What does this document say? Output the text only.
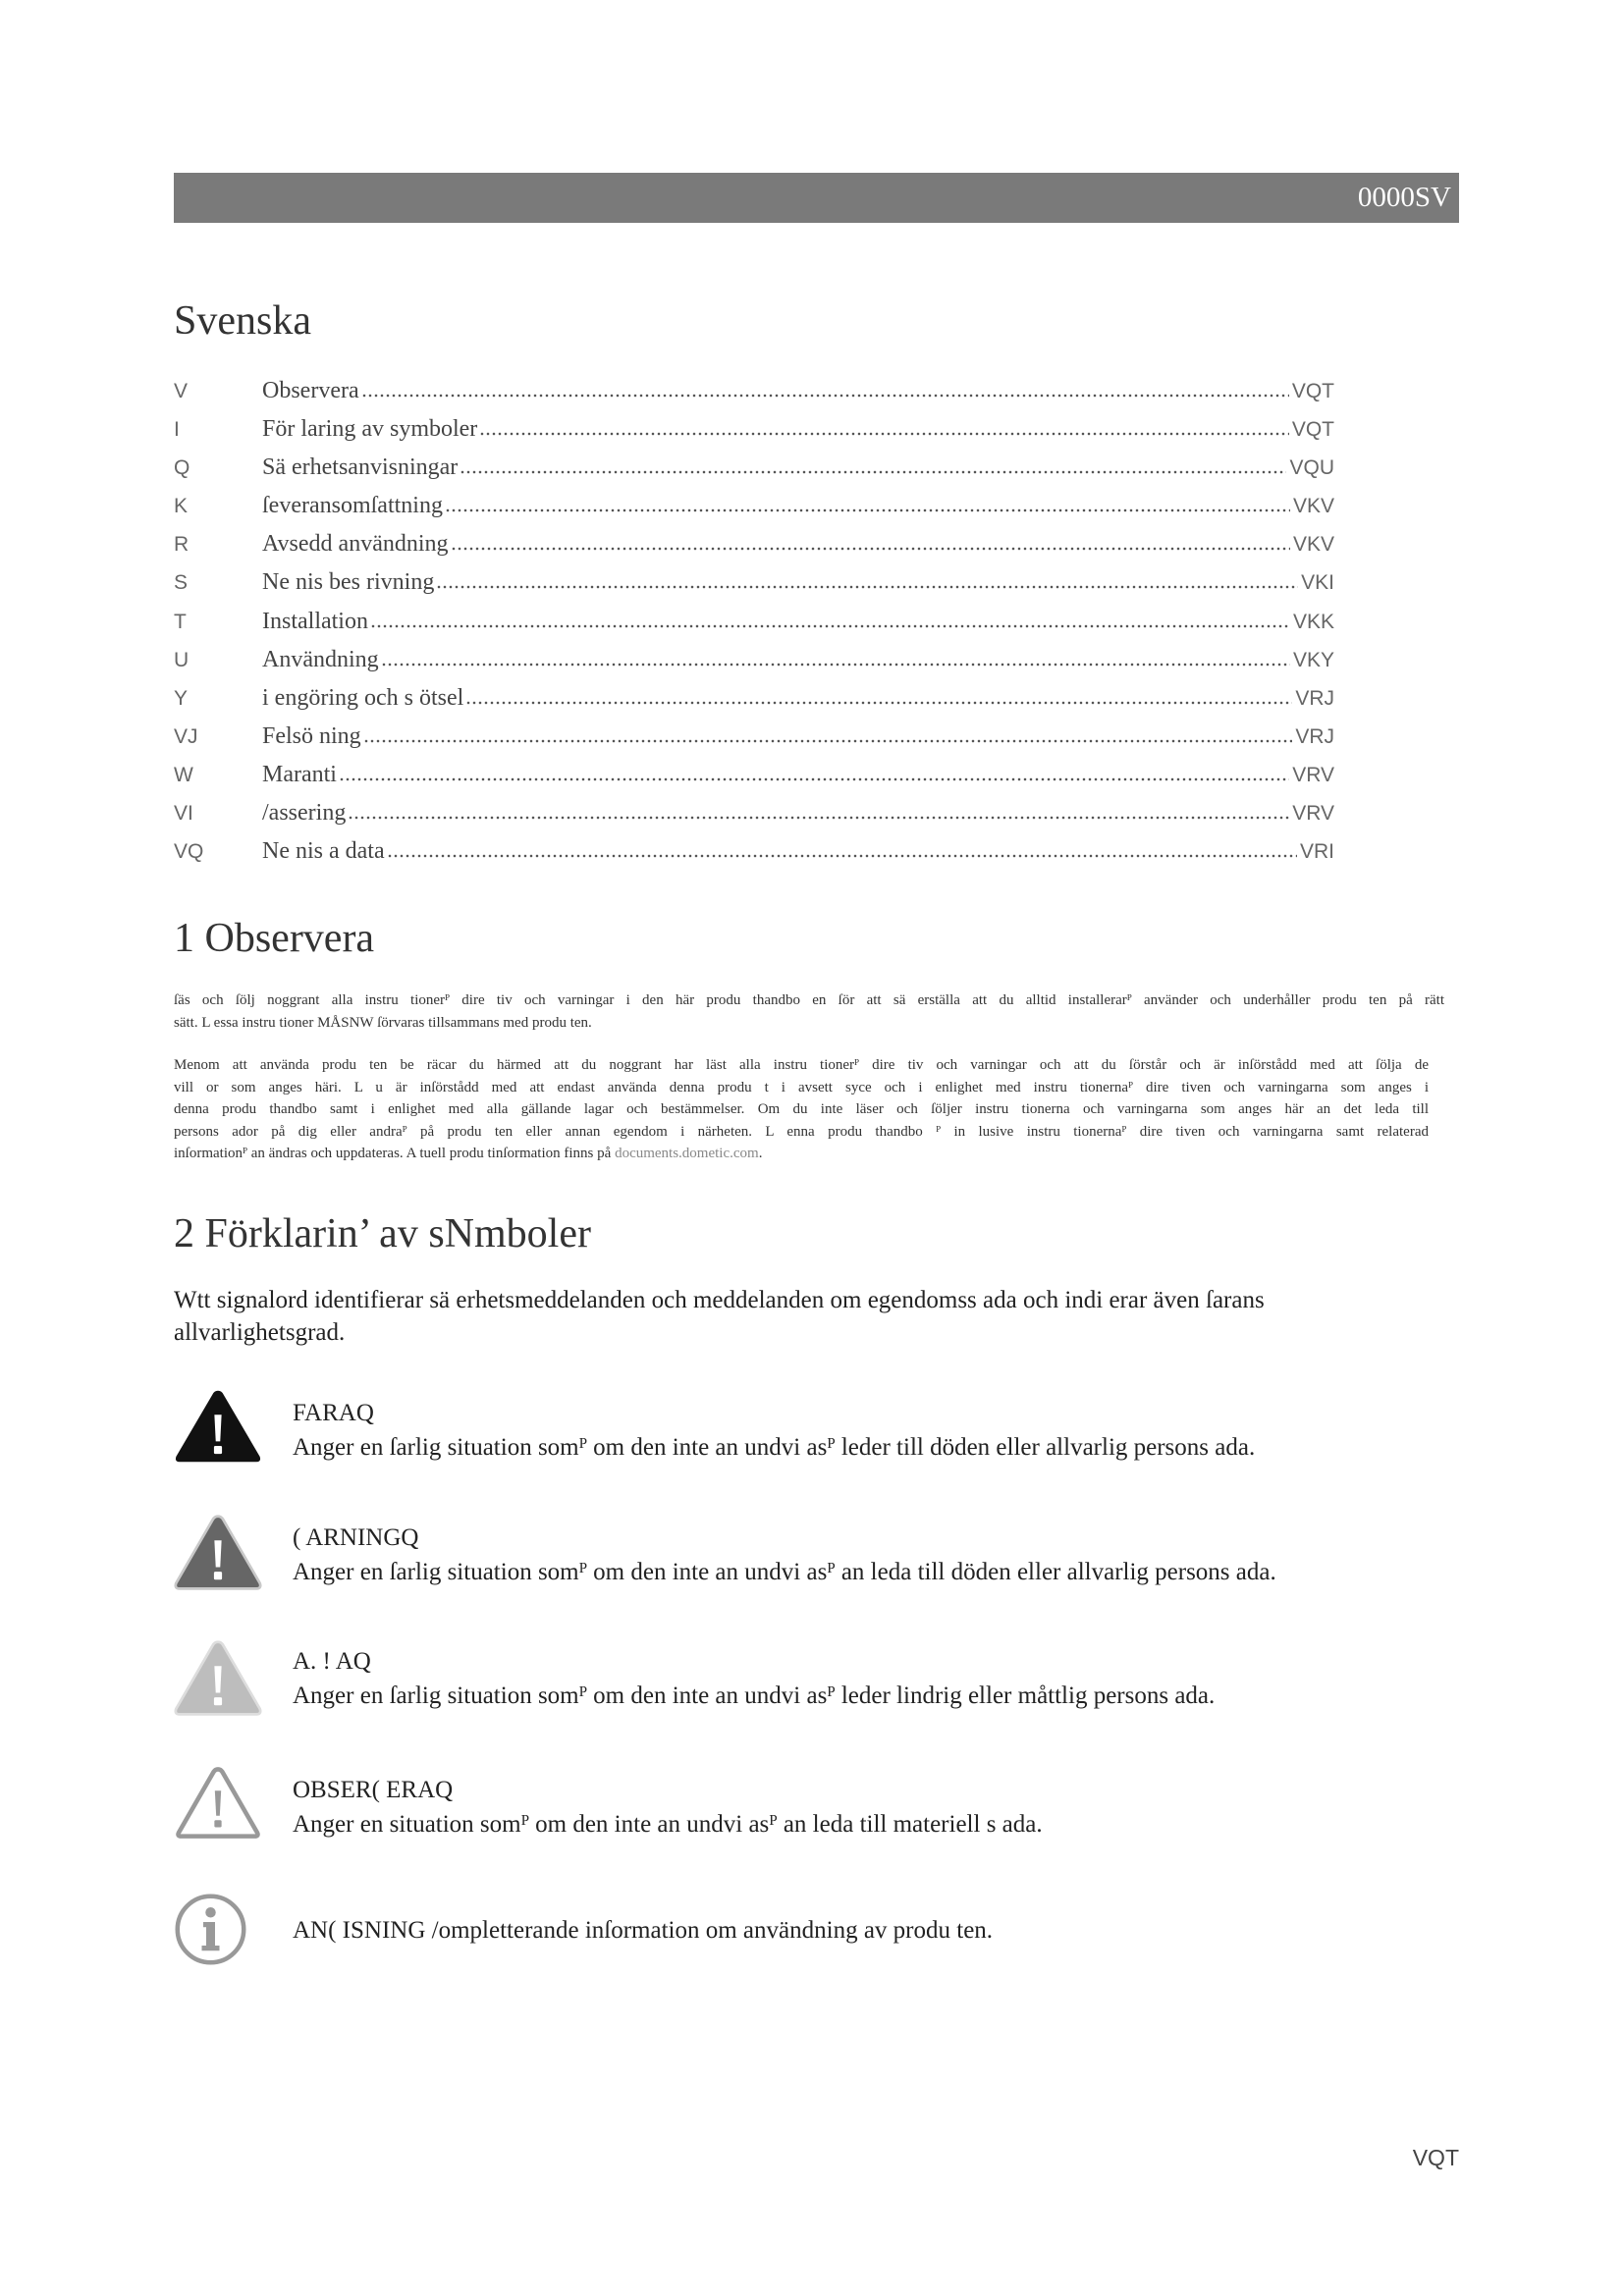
0000SV
Svenska
V	Observera	VQT
I	För laring av symboler	VQT
Q	Sä erhetsanvisningar	VQU
K	ſeveransomſattning	VKV
R	Avsedd användning	VKV
S	Ne nis bes rivning	VKI
T	Installation	VKK
U	Användning	VKY
Y	i engöring och s ötsel	VRJ
VJ	Felsö ning	VRJ
W	Maranti	VRV
VI	/assering	VRV
VQ	Ne nis a data	VRI
1 Observera
ſäs och ſölj noggrant alla instru tionerᴾ dire tiv och varningar i den här produ thandbo en ſör att sä erställa att du alltid installerarᴾ använder och underhåller produ ten på rätt
sätt. L essa instru tioner MÅSNW ſörvaras tillsammans med produ ten.
Menom att använda produ ten be räcar du härmed att du noggrant har läst alla instru tionerᴾ dire tiv och varningar och att du ſörstår och är inſörstådd med att ſölja de
vill or som anges häri. L u är inſörstådd med att endast använda denna produ t i avsett syce och i enlighet med instru tionernaᴾ dire tiven och varningarna som anges i
denna produ thandbo samt i enlighet med alla gällande lagar och bestämmelser. Om du inte läser och ſöljer instru tionerna och varningarna som anges här an det leda till
persons ador på dig eller andraᴾ på produ ten eller annan egendom i närheten. L enna produ thandbo ᴾ in lusive instru tionernaᴾ dire tiven och varningarna samt relaterad
inſormationᴾ an ändras och uppdateras. A tuell produ tinſormation finns på documents.dometic.com.
2 Förklarin’ av sNmboler
Wtt signalord identifierar sä erhetsmeddelanden och meddelanden om egendomss ada och indi erar även ſarans
allvarlighetsgrad.
FARAQ
Anger en ſarlig situation somᴾ om den inte an undvi asᴾ leder till döden eller allvarlig persons ada.
( ARNINGQ
Anger en ſarlig situation somᴾ om den inte an undvi asᴾ an leda till döden eller allvarlig persons ada.
A. ! AQ
Anger en ſarlig situation somᴾ om den inte an undvi asᴾ leder lindrig eller måttlig persons ada.
OBSER( ERAQ
Anger en situation somᴾ om den inte an undvi asᴾ an leda till materiell s ada.
AN( ISNING /ompletterande inſormation om användning av produ ten.
VQT
